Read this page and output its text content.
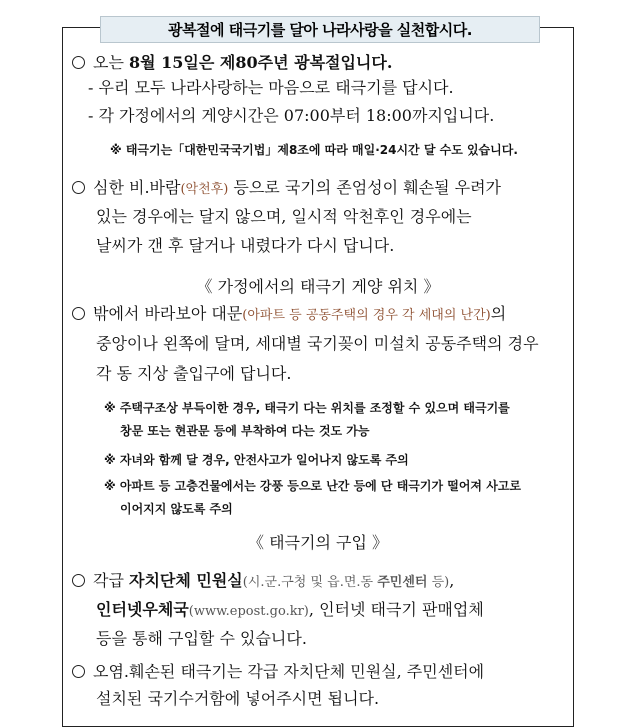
광복절에 태극기를 달아 나라사랑을 실천합시다.
오는 8월 15일은 제80주년 광복절입니다.
- 우리 모두 나라사랑하는 마음으로 태극기를 답시다.
- 각 가정에서의 게양시간은 07:00부터 18:00까지입니다.
※ 태극기는「대한민국국기법」제8조에 따라 매일·24시간 달 수도 있습니다.
심한 비.바람(악천후) 등으로 국기의 존엄성이 훼손될 우려가
있는 경우에는 달지 않으며, 일시적 악천후인 경우에는
날씨가 갠 후 달거나 내렸다가 다시 답니다.
《 가정에서의 태극기 게양 위치 》
밖에서 바라보아 대문(아파트 등 공동주택의 경우 각 세대의 난간)의
중앙이나 왼쪽에 달며, 세대별 국기꽂이 미설치 공동주택의 경우
각 동 지상 출입구에 답니다.
※ 주택구조상 부득이한 경우, 태극기 다는 위치를 조정할 수 있으며 태극기를
창문 또는 현관문 등에 부착하여 다는 것도 가능
※ 자녀와 함께 달 경우, 안전사고가 일어나지 않도록 주의
※ 아파트 등 고층건물에서는 강풍 등으로 난간 등에 단 태극기가 떨어져 사고로
이어지지 않도록 주의
《 태극기의 구입 》
각급 자치단체 민원실(시.군.구청 및 읍.면.동 주민센터 등),
인터넷우체국(www.epost.go.kr), 인터넷 태극기 판매업체
등을 통해 구입할 수 있습니다.
오염.훼손된 태극기는 각급 자치단체 민원실, 주민센터에
설치된 국기수거함에 넣어주시면 됩니다.
